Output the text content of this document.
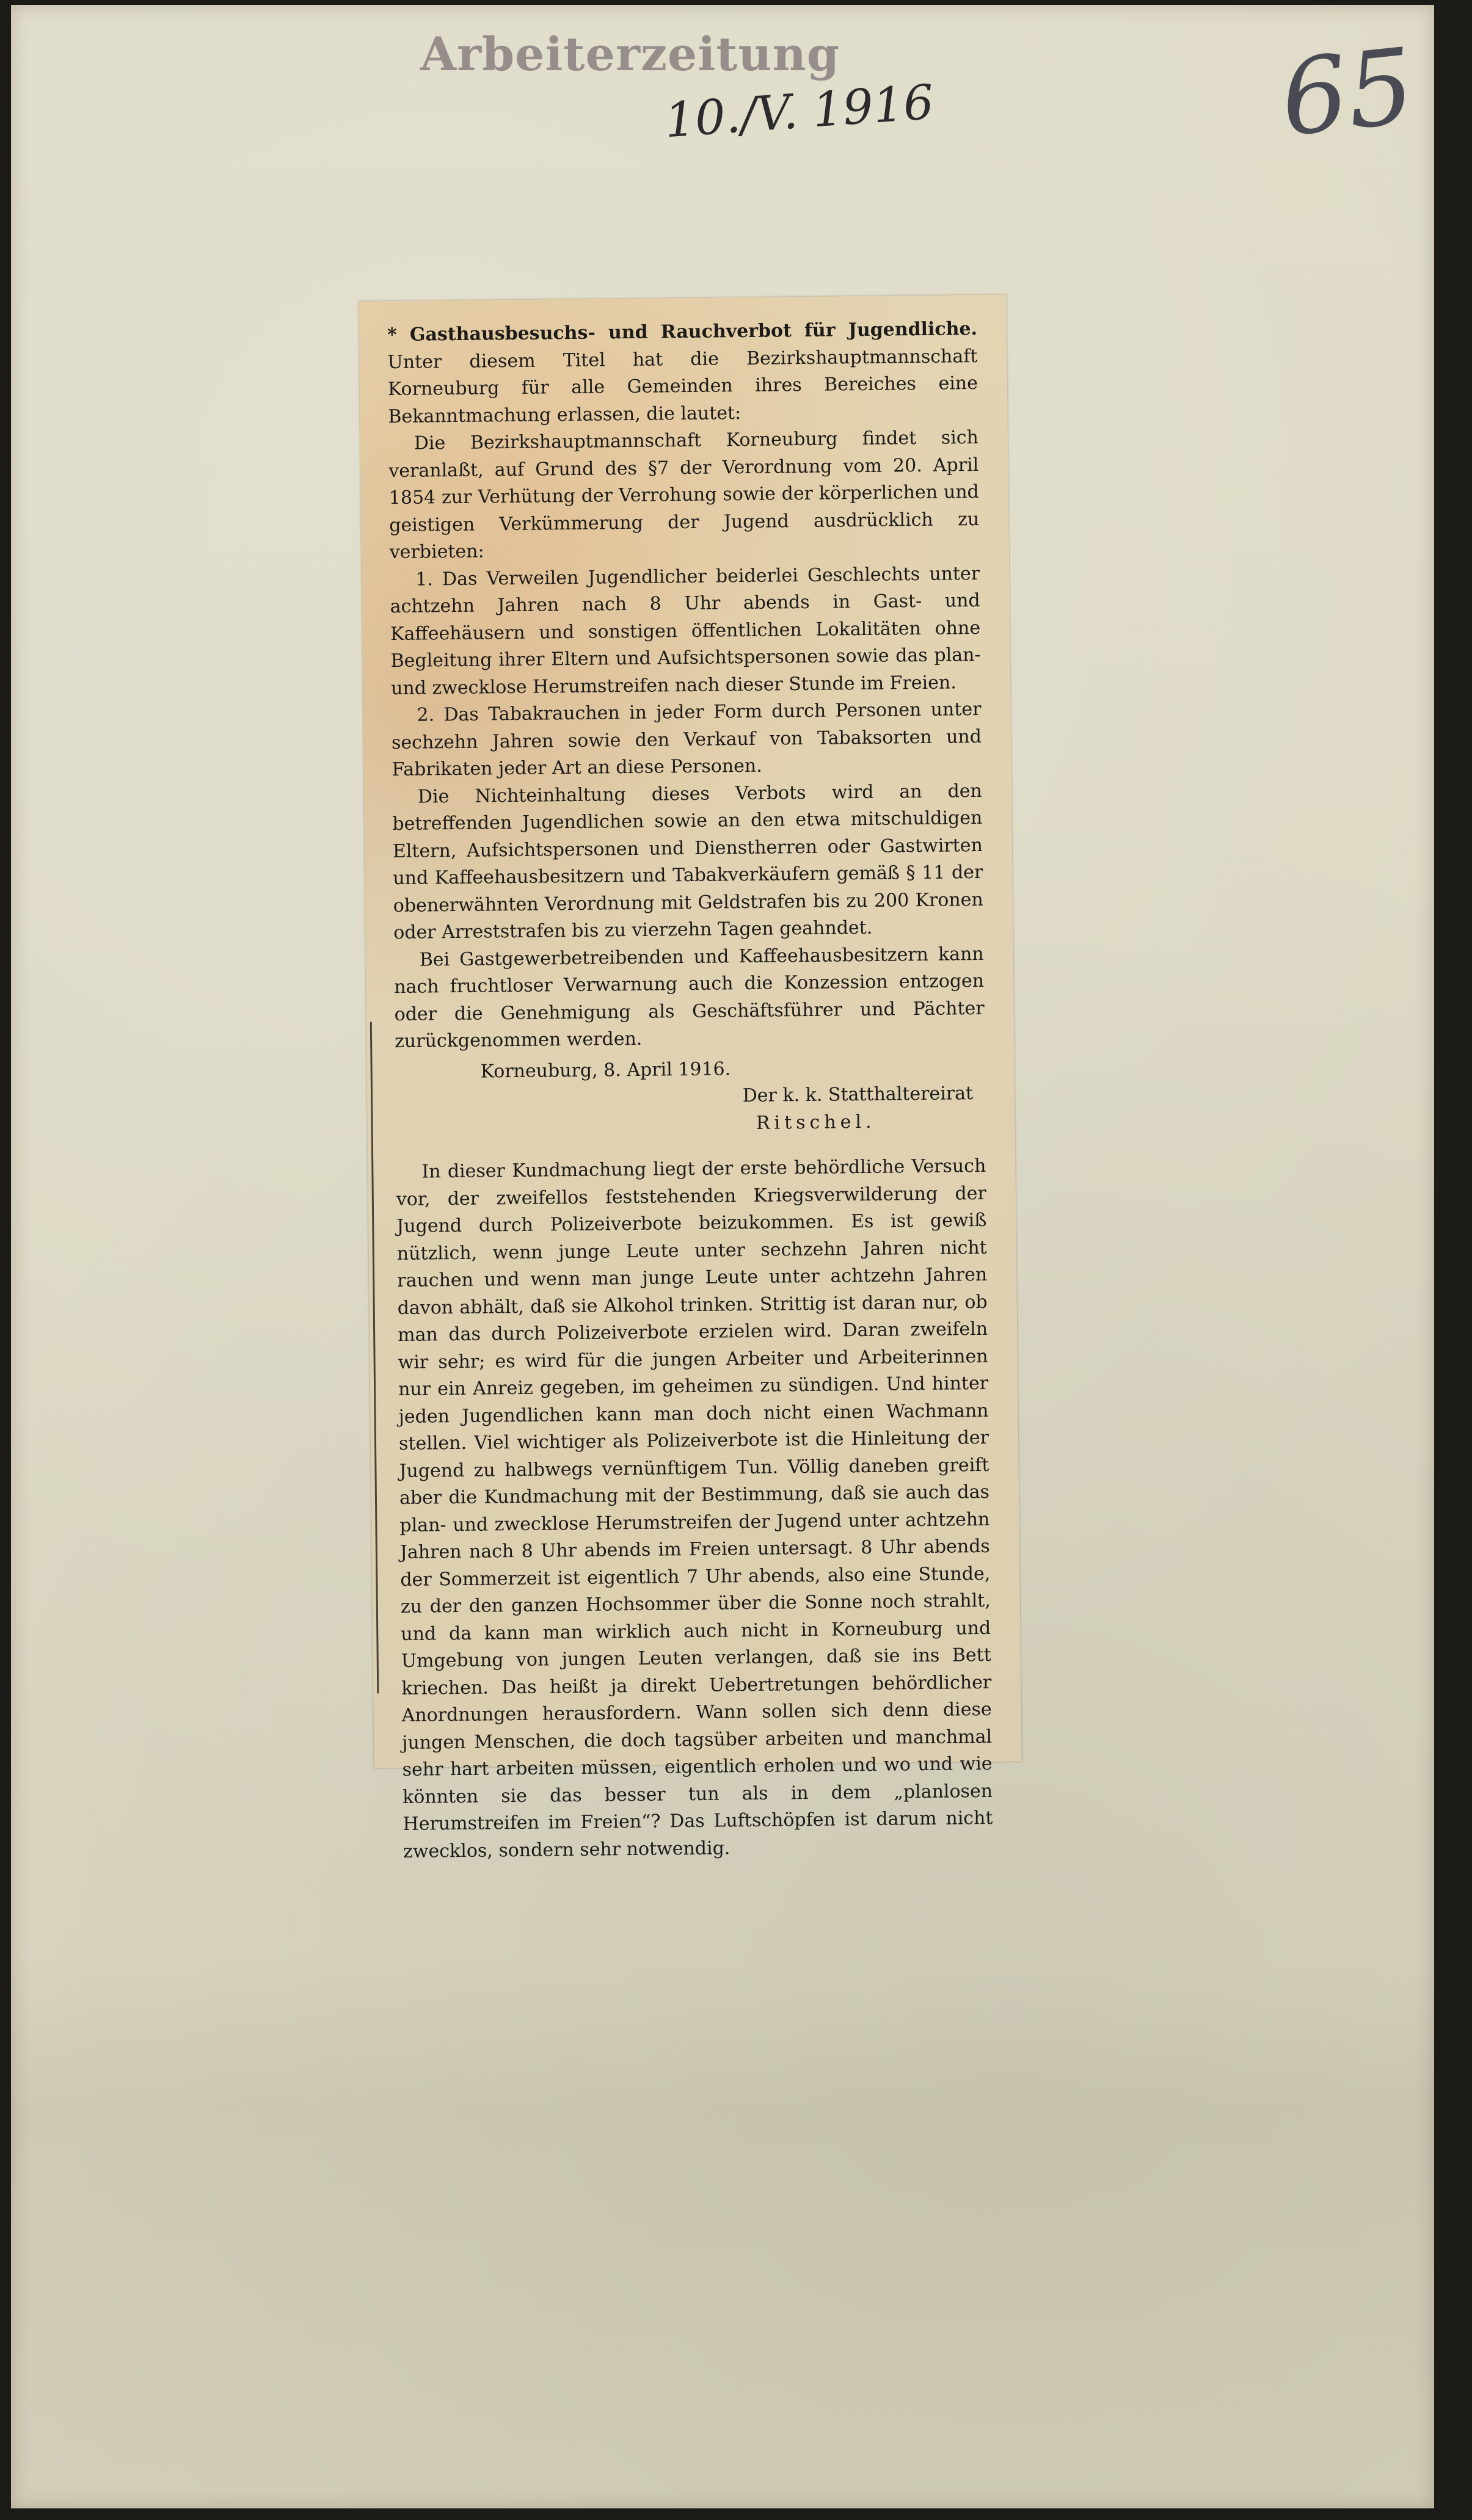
Arbeiterzeitung
10./V. 1916	65

* Gasthausbesuchs- und Rauchverbot für Jugendliche. Unter diesem Titel hat die Bezirkshauptmannschaft Korneuburg für alle Gemeinden ihres Bereiches eine Bekanntmachung erlassen, die lautet:

Die Bezirkshauptmannschaft Korneuburg findet sich veranlaßt, auf Grund des §7 der Verordnung vom 20. April 1854 zur Verhütung der Verrohung sowie der körperlichen und geistigen Verkümmerung der Jugend ausdrücklich zu verbieten:

1. Das Verweilen Jugendlicher beiderlei Geschlechts unter achtzehn Jahren nach 8 Uhr abends in Gast- und Kaffeehäusern und sonstigen öffentlichen Lokalitäten ohne Begleitung ihrer Eltern und Aufsichtspersonen sowie das plan- und zwecklose Herumstreifen nach dieser Stunde im Freien.

2. Das Tabakrauchen in jeder Form durch Personen unter sechzehn Jahren sowie den Verkauf von Tabaksorten und Fabrikaten jeder Art an diese Personen.

Die Nichteinhaltung dieses Verbots wird an den betreffenden Jugendlichen sowie an den etwa mitschuldigen Eltern, Aufsichtspersonen und Dienstherren oder Gastwirten und Kaffeehausbesitzern und Tabakverkäufern gemäß § 11 der obenerwähnten Verordnung mit Geldstrafen bis zu 200 Kronen oder Arreststrafen bis zu vierzehn Tagen geahndet.

Bei Gastgewerbetreibenden und Kaffeehausbesitzern kann nach fruchtloser Verwarnung auch die Konzession entzogen oder die Genehmigung als Geschäftsführer und Pächter zurückgenommen werden.

Korneuburg, 8. April 1916.

Der k. k. Statthaltereirat

Ritschel.

In dieser Kundmachung liegt der erste behördliche Versuch vor, der zweifellos feststehenden Kriegsverwilderung der Jugend durch Polizeiverbote beizukommen. Es ist gewiß nützlich, wenn junge Leute unter sechzehn Jahren nicht rauchen und wenn man junge Leute unter achtzehn Jahren davon abhält, daß sie Alkohol trinken. Strittig ist daran nur, ob man das durch Polizeiverbote erzielen wird. Daran zweifeln wir sehr; es wird für die jungen Arbeiter und Arbeiterinnen nur ein Anreiz gegeben, im geheimen zu sündigen. Und hinter jeden Jugendlichen kann man doch nicht einen Wachmann stellen. Viel wichtiger als Polizeiverbote ist die Hinleitung der Jugend zu halbwegs vernünftigem Tun. Völlig daneben greift aber die Kundmachung mit der Bestimmung, daß sie auch das plan- und zwecklose Herumstreifen der Jugend unter achtzehn Jahren nach 8 Uhr abends im Freien untersagt. 8 Uhr abends der Sommerzeit ist eigentlich 7 Uhr abends, also eine Stunde, zu der den ganzen Hochsommer über die Sonne noch strahlt, und da kann man wirklich auch nicht in Korneuburg und Umgebung von jungen Leuten verlangen, daß sie ins Bett kriechen. Das heißt ja direkt Uebertretungen behördlicher Anordnungen herausfordern. Wann sollen sich denn diese jungen Menschen, die doch tagsüber arbeiten und manchmal sehr hart arbeiten müssen, eigentlich erholen und wo und wie könnten sie das besser tun als in dem „planlosen Herumstreifen im Freien“? Das Luftschöpfen ist darum nicht zwecklos, sondern sehr notwendig.
